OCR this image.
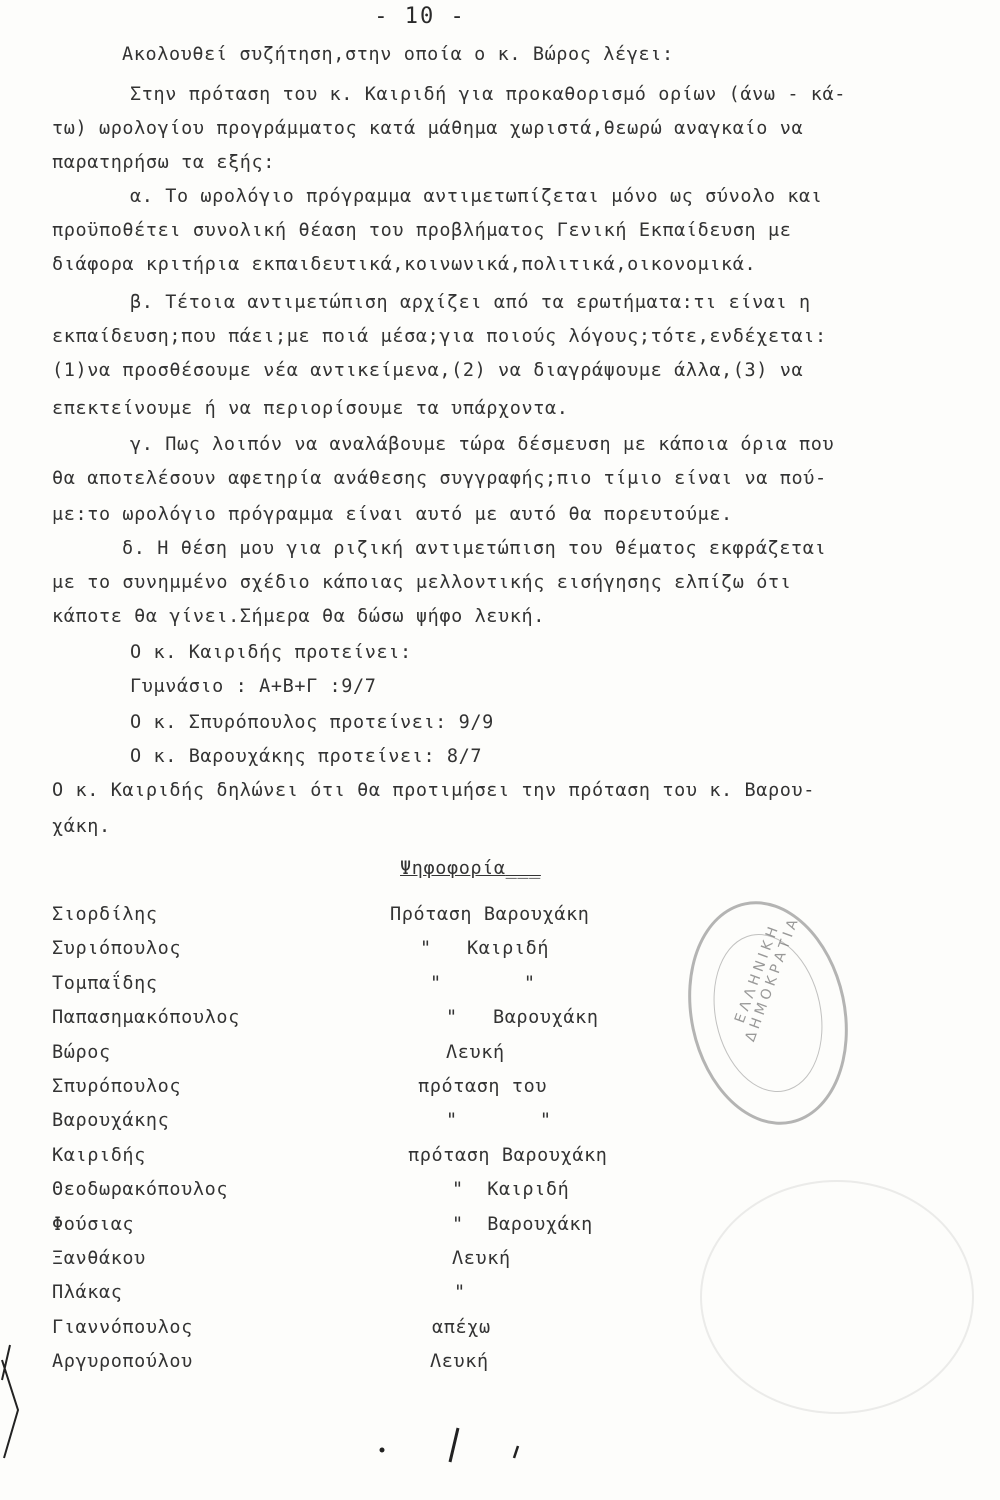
- 10 -
Ακολουθεί συζήτηση,στην οποία ο κ. Βώρος λέγει:
Στην πρόταση του κ. Καιριδή για προκαθορισμό ορίων (άνω - κά-
τω) ωρολογίου προγράμματος κατά μάθημα χωριστά,θεωρώ αναγκαίο να
παρατηρήσω τα εξής:
α. Το ωρολόγιο πρόγραμμα αντιμετωπίζεται μόνο ως σύνολο και
προϋποθέτει συνολική θέαση του προβλήματος Γενική Εκπαίδευση με
διάφορα κριτήρια εκπαιδευτικά,κοινωνικά,πολιτικά,οικονομικά.
β. Τέτοια αντιμετώπιση αρχίζει από τα ερωτήματα:τι είναι η
εκπαίδευση;που πάει;με ποιά μέσα;για ποιούς λόγους;τότε,ενδέχεται:
(1)να προσθέσουμε νέα αντικείμενα,(2) να διαγράψουμε άλλα,(3) να
επεκτείνουμε ή να περιορίσουμε τα υπάρχοντα.
γ. Πως λοιπόν να αναλάβουμε τώρα δέσμευση με κάποια όρια που
θα αποτελέσουν αφετηρία ανάθεσης συγγραφής;πιο τίμιο είναι να πού-
με:το ωρολόγιο πρόγραμμα είναι αυτό με αυτό θα πορευτούμε.
δ. Η θέση μου για ριζική αντιμετώπιση του θέματος εκφράζεται
με το συνημμένο σχέδιο κάποιας μελλοντικής εισήγησης ελπίζω ότι
κάποτε θα γίνει.Σήμερα θα δώσω ψήφο λευκή.
Ο κ. Καιριδής προτείνει:
Γυμνάσιο : Α+Β+Γ :9/7
Ο κ. Σπυρόπουλος προτείνει: 9/9
Ο κ. Βαρουχάκης προτείνει: 8/7
Ο κ. Καιριδής δηλώνει ότι θα προτιμήσει την πρόταση του κ. Βαρου-
χάκη.
Ψηφοφορία ___
Σιορδίλης	Πρόταση Βαρουχάκη
Συριόπουλος	"   Καιριδή
Τομπαΐδης	"       "
Παπασημακόπουλος	"   Βαρουχάκη
Βώρος	Λευκή
Σπυρόπουλος	πρόταση του
Βαρουχάκης	"       "
Καιριδής	πρόταση Βαρουχάκη
Θεοδωρακόπουλος	"  Καιριδή
Φούσιας	"  Βαρουχάκη
Ξανθάκου	Λευκή
Πλάκας	"
Γιαννόπουλος	απέχω
Αργυροπούλου	Λευκή
ΕΛΛΗΝΙΚΗ ΔΗΜΟΚΡΑΤΙΑ
